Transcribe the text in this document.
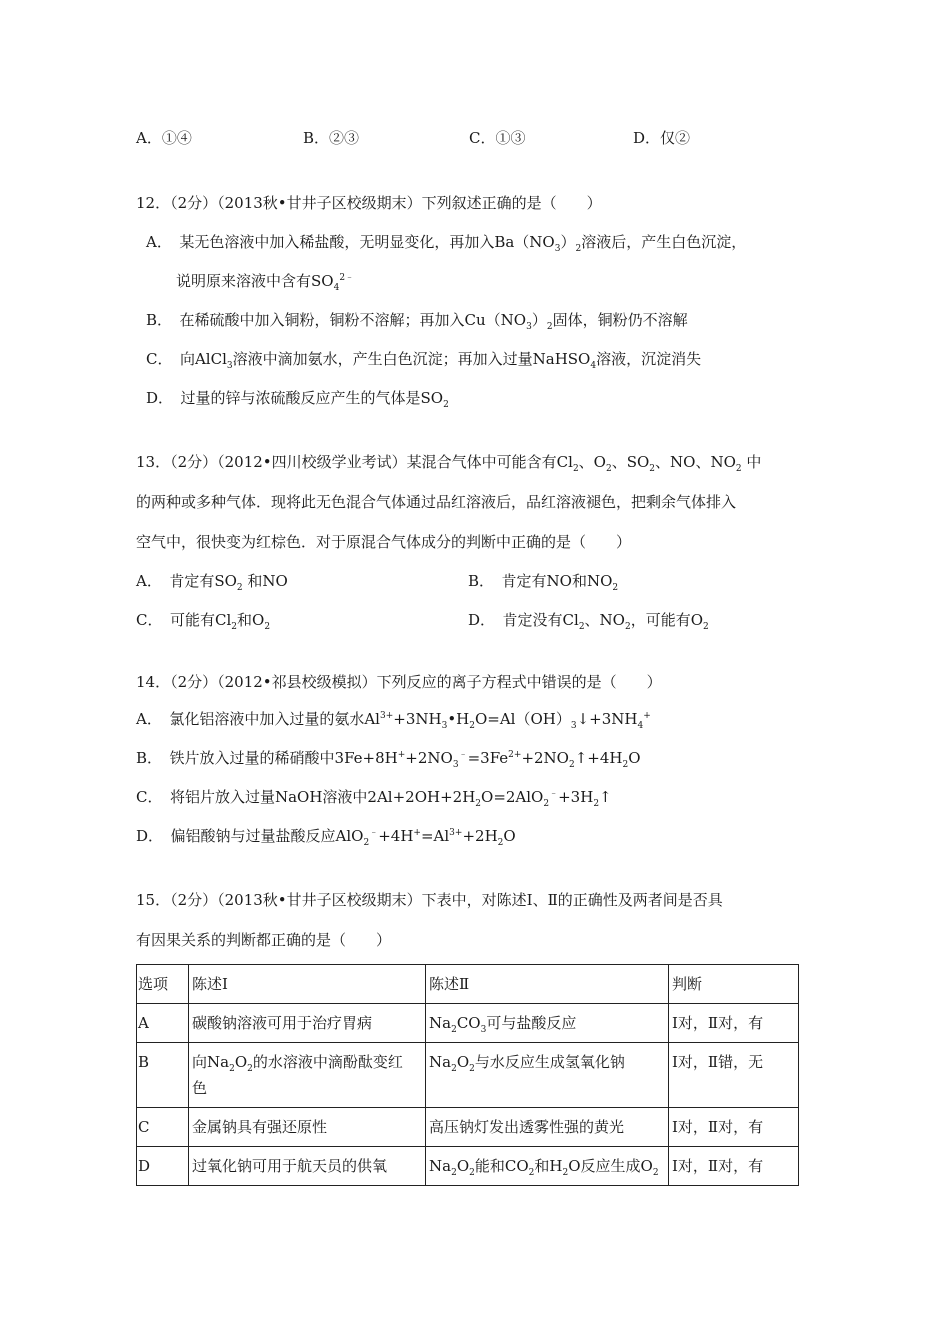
A．①④	B．②③	C．①③	D．仅②
12．（2分）（2013秋•甘井子区校级期末）下列叙述正确的是（　　）
A．　某无色溶液中加入稀盐酸，无明显变化，再加入$Ba(NO_3)_2$溶液后，产生白色沉淀，
说明原来溶液中含有$SO_4^{2﹣}$
B．　在稀硫酸中加入铜粉，铜粉不溶解；再加入$Cu(NO_3)_2$固体，铜粉仍不溶解
C．　向AlCl$_3$溶液中滴加氨水，产生白色沉淀；再加入过量NaHSO$_4$溶液，沉淀消失
D．　过量的锌与浓硫酸反应产生的气体是$SO_2$
13．（2分）（2012•四川校级学业考试）某混合气体中可能含有$Cl_2$、$O_2$、$SO_2$、NO、$NO_2$ 中
的两种或多种气体．现将此无色混合气体通过品红溶液后，品红溶液褪色，把剩余气体排入
空气中，很快变为红棕色．对于原混合气体成分的判断中正确的是（　　）
A．　肯定有$SO_2$ 和NO	B．　肯定有NO和$NO_2$
C．　可能有$Cl_2$和$O_2$	D．　肯定没有$Cl_2$、$NO_2$，可能有$O_2$
14．（2分）（2012•祁县校级模拟）下列反应的离子方程式中错误的是（　　）
A．　氯化铝溶液中加入过量的氨水$Al^{3+}+3NH_3•H_2O=Al(OH)_3↓+3NH_4^+$
B．　铁片放入过量的稀硝酸中$3Fe+8H^++2NO_3^﹣=3Fe^{2+}+2NO_2↑+4H_2O$
C．　将铝片放入过量NaOH溶液中$2Al+2OH+2H_2O=2AlO_2^﹣+3H_2↑$
D．　偏铝酸钠与过量盐酸反应$AlO_2^﹣+4H^+=Al^{3+}+2H_2O$
15．（2分）（2013秋•甘井子区校级期末）下表中，对陈述Ⅰ、Ⅱ的正确性及两者间是否具
有因果关系的判断都正确的是（　　）
选项	陈述Ⅰ	陈述Ⅱ	判断
A	碳酸钠溶液可用于治疗胃病	$Na_2CO_3$可与盐酸反应	Ⅰ对，Ⅱ对，有
B	向$Na_2O_2$的水溶液中滴酚酞变红
色	$Na_2O_2$与水反应生成氢氧化钠	Ⅰ对，Ⅱ错，无
C	金属钠具有强还原性	高压钠灯发出透雾性强的黄光	Ⅰ对，Ⅱ对，有
D	过氧化钠可用于航天员的供氧	$Na_2O_2$能和$CO_2$和$H_2O$反应生成$O_2$	Ⅰ对，Ⅱ对，有
